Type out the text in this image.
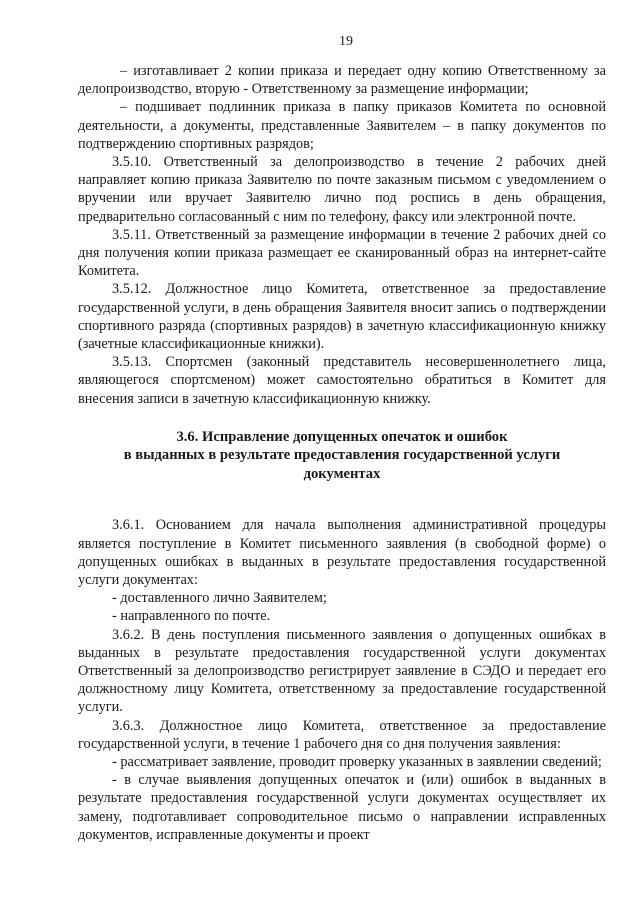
19

– изготавливает 2 копии приказа и передает одну копию Ответственному за делопроизводство, вторую - Ответственному за размещение информации;

– подшивает подлинник приказа в папку приказов Комитета по основной деятельности, а документы, представленные Заявителем – в папку документов по подтверждению спортивных разрядов;

3.5.10. Ответственный за делопроизводство в течение 2 рабочих дней направляет копию приказа Заявителю по почте заказным письмом с уведомлением о вручении или вручает Заявителю лично под роспись в день обращения, предварительно согласованный с ним по телефону, факсу или электронной почте.

3.5.11. Ответственный за размещение информации в течение 2 рабочих дней со дня получения копии приказа размещает ее сканированный образ на интернет-сайте Комитета.

3.5.12. Должностное лицо Комитета, ответственное за предоставление государственной услуги, в день обращения Заявителя вносит запись о подтверждении спортивного разряда (спортивных разрядов) в зачетную классификационную книжку (зачетные классификационные книжки).

3.5.13. Спортсмен (законный представитель несовершеннолетнего лица, являющегося спортсменом) может самостоятельно обратиться в Комитет для внесения записи в зачетную классификационную книжку.

3.6. Исправление допущенных опечаток и ошибок
в выданных в результате предоставления государственной услуги
документах

3.6.1. Основанием для начала выполнения административной процедуры является поступление в Комитет письменного заявления (в свободной форме) о допущенных ошибках в выданных в результате предоставления государственной услуги документах:

- доставленного лично Заявителем;

- направленного по почте.

3.6.2. В день поступления письменного заявления о допущенных ошибках в выданных в результате предоставления государственной услуги документах Ответственный за делопроизводство регистрирует заявление в СЭДО и передает его должностному лицу Комитета, ответственному за предоставление государственной услуги.

3.6.3. Должностное лицо Комитета, ответственное за предоставление государственной услуги, в течение 1 рабочего дня со дня получения заявления:

- рассматривает заявление, проводит проверку указанных в заявлении сведений;

- в случае выявления допущенных опечаток и (или) ошибок в выданных в результате предоставления государственной услуги документах осуществляет их замену, подготавливает сопроводительное письмо о направлении исправленных документов, исправленные документы и проект
